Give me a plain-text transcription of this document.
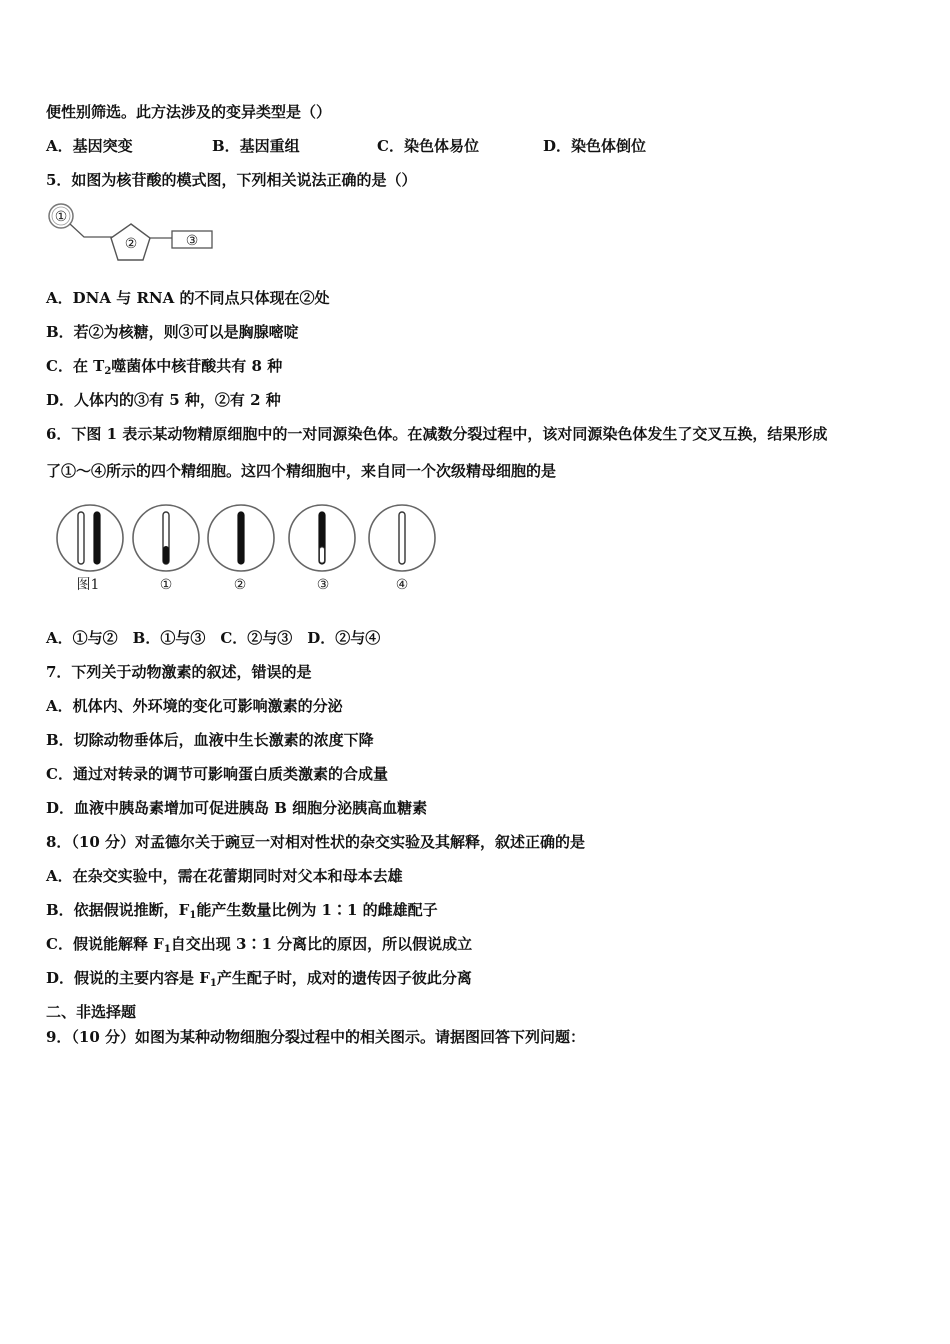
便性别筛选。此方法涉及的变异类型是（）
A．基因突变	B．基因重组	C．染色体易位	D．染色体倒位
5．如图为核苷酸的模式图，下列相关说法正确的是（）
①
②	③
A．DNA 与 RNA 的不同点只体现在②处
B．若②为核糖，则③可以是胸腺嘧啶
C．在 $T_2$噬菌体中核苷酸共有 8 种
D．人体内的③有 5 种，②有 2 种
6．下图 1 表示某动物精原细胞中的一对同源染色体。在减数分裂过程中，该对同源染色体发生了交叉互换，结果形成
了①～④所示的四个精细胞。这四个精细胞中，来自同一个次级精母细胞的是
图1	①	②	③	④
A．①与②　B．①与③　C．②与③　D．②与④
7．下列关于动物激素的叙述，错误的是
A．机体内、外环境的变化可影响激素的分泌
B．切除动物垂体后，血液中生长激素的浓度下降
C．通过对转录的调节可影响蛋白质类激素的合成量
D．血液中胰岛素增加可促进胰岛 B 细胞分泌胰高血糖素
8．（10 分）对孟德尔关于豌豆一对相对性状的杂交实验及其解释，叙述正确的是
A．在杂交实验中，需在花蕾期同时对父本和母本去雄
B．依据假说推断，$F_1$能产生数量比例为 1∶1 的雌雄配子
C．假说能解释 $F_1$自交出现 3∶1 分离比的原因，所以假说成立
D．假说的主要内容是 $F_1$产生配子时，成对的遗传因子彼此分离
二、非选择题
9．（10 分）如图为某种动物细胞分裂过程中的相关图示。请据图回答下列问题：
